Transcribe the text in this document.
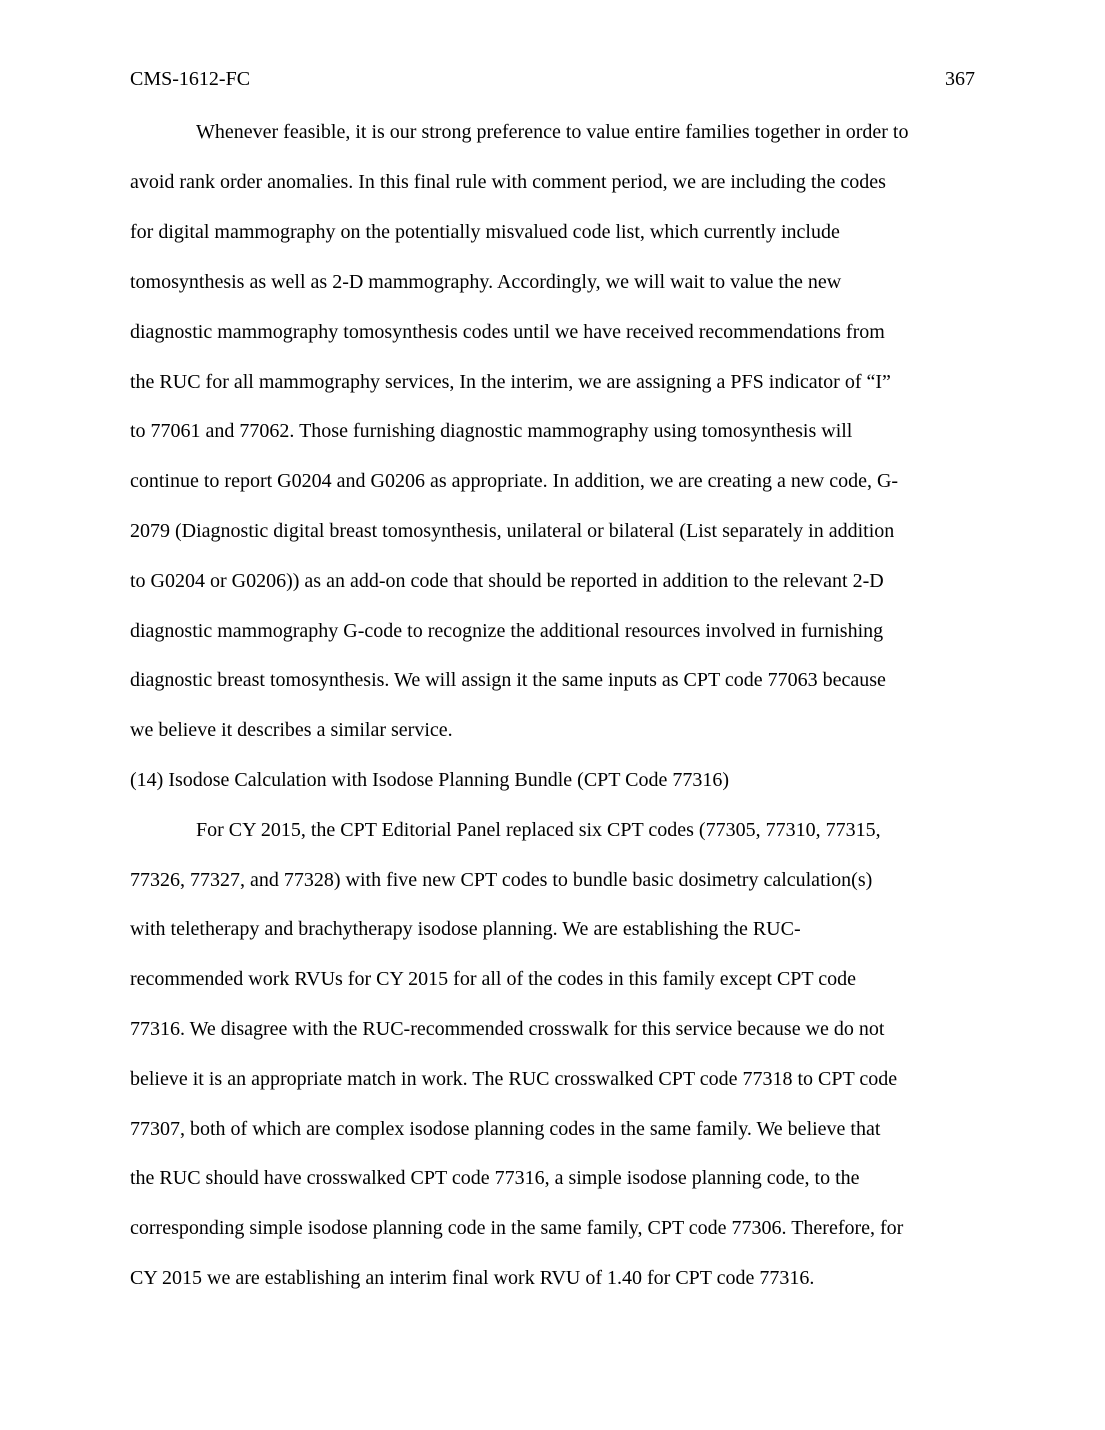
CMS-1612-FC	367
Whenever feasible, it is our strong preference to value entire families together in order to
avoid rank order anomalies. In this final rule with comment period, we are including the codes
for digital mammography on the potentially misvalued code list, which currently include
tomosynthesis as well as 2-D mammography. Accordingly, we will wait to value the new
diagnostic mammography tomosynthesis codes until we have received recommendations from
the RUC for all mammography services, In the interim, we are assigning a PFS indicator of “I”
to 77061 and 77062. Those furnishing diagnostic mammography using tomosynthesis will
continue to report G0204 and G0206 as appropriate. In addition, we are creating a new code, G-
2079 (Diagnostic digital breast tomosynthesis, unilateral or bilateral (List separately in addition
to G0204 or G0206)) as an add-on code that should be reported in addition to the relevant 2-D
diagnostic mammography G-code to recognize the additional resources involved in furnishing
diagnostic breast tomosynthesis. We will assign it the same inputs as CPT code 77063 because
we believe it describes a similar service.
(14) Isodose Calculation with Isodose Planning Bundle (CPT Code 77316)
For CY 2015, the CPT Editorial Panel replaced six CPT codes (77305, 77310, 77315,
77326, 77327, and 77328) with five new CPT codes to bundle basic dosimetry calculation(s)
with teletherapy and brachytherapy isodose planning. We are establishing the RUC-
recommended work RVUs for CY 2015 for all of the codes in this family except CPT code
77316. We disagree with the RUC-recommended crosswalk for this service because we do not
believe it is an appropriate match in work. The RUC crosswalked CPT code 77318 to CPT code
77307, both of which are complex isodose planning codes in the same family. We believe that
the RUC should have crosswalked CPT code 77316, a simple isodose planning code, to the
corresponding simple isodose planning code in the same family, CPT code 77306. Therefore, for
CY 2015 we are establishing an interim final work RVU of 1.40 for CPT code 77316.
